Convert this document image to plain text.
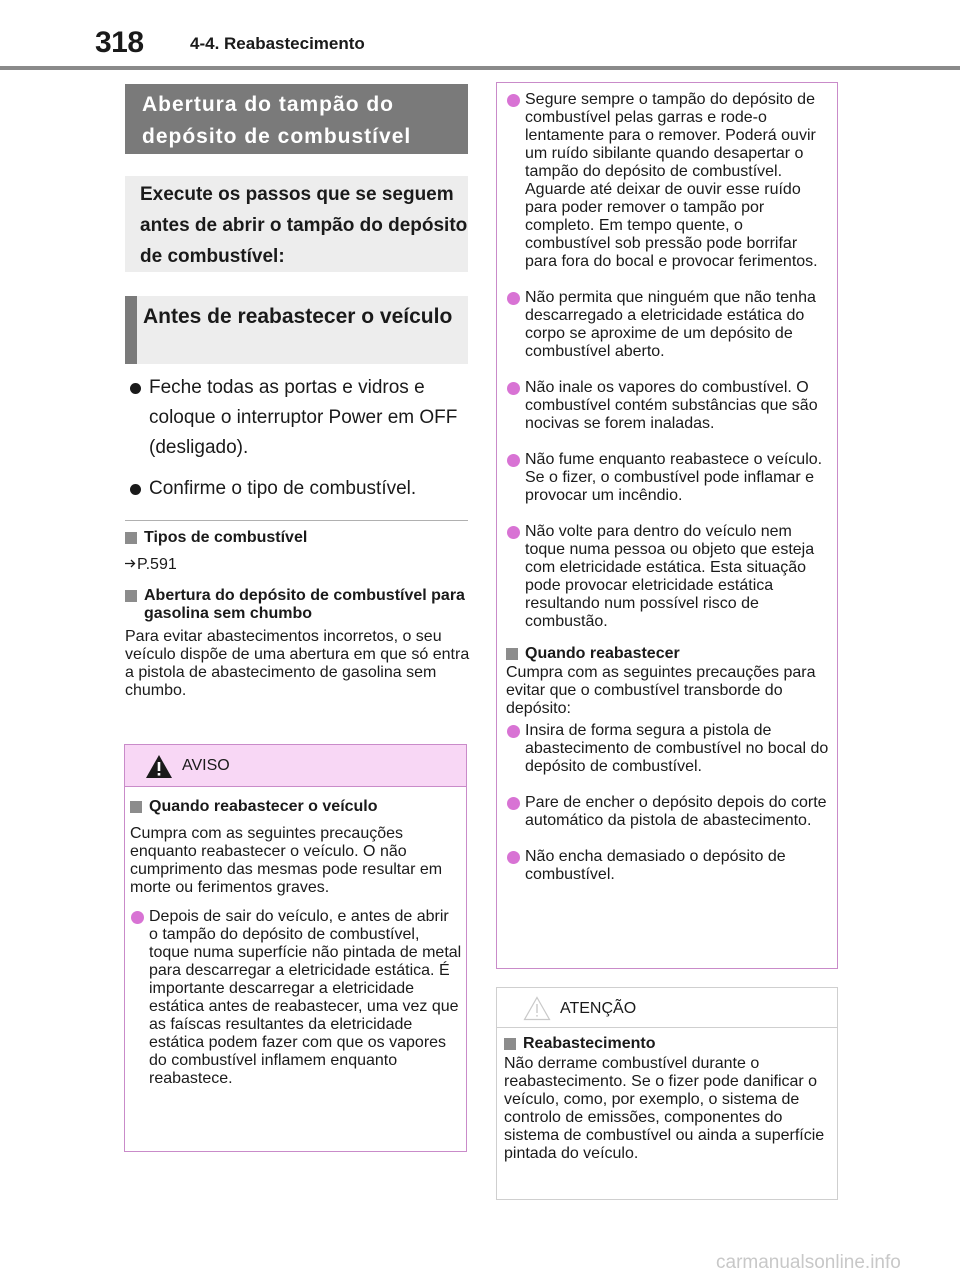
318	4-4. Reabastecimento
Abertura do tampão do depósito de combustível
Execute os passos que se seguem antes de abrir o tampão do depósito de combustível:
Antes de reabastecer o veículo
Feche todas as portas e vidros e coloque o interruptor Power em OFF (desligado).
Confirme o tipo de combustível.
Tipos de combustível
P.591
Abertura do depósito de combustível para gasolina sem chumbo
Para evitar abastecimentos incorretos, o seu veículo dispõe de uma abertura em que só entra a pistola de abastecimento de gasolina sem chumbo.
AVISO
Quando reabastecer o veículo
Cumpra com as seguintes precauções enquanto reabastecer o veículo. O não cumprimento das mesmas pode resultar em morte ou ferimentos graves.
Depois de sair do veículo, e antes de abrir o tampão do depósito de combustível, toque numa superfície não pintada de metal para descarregar a eletricidade estática. É importante descarregar a eletricidade estática antes de reabastecer, uma vez que as faíscas resultantes da eletricidade estática podem fazer com que os vapores do combustível inflamem enquanto reabastece.
Segure sempre o tampão do depósito de combustível pelas garras e rode-o lentamente para o remover. Poderá ouvir um ruído sibilante quando desapertar o tampão do depósito de combustível. Aguarde até deixar de ouvir esse ruído para poder remover o tampão por completo. Em tempo quente, o combustível sob pressão pode borrifar para fora do bocal e provocar ferimentos.
Não permita que ninguém que não tenha descarregado a eletricidade estática do corpo se aproxime de um depósito de combustível aberto.
Não inale os vapores do combustível. O combustível contém substâncias que são nocivas se forem inaladas.
Não fume enquanto reabastece o veículo. Se o fizer, o combustível pode inflamar e provocar um incêndio.
Não volte para dentro do veículo nem toque numa pessoa ou objeto que esteja com eletricidade estática. Esta situação pode provocar eletricidade estática resultando num possível risco de combustão.
Quando reabastecer
Cumpra com as seguintes precauções para evitar que o combustível transborde do depósito:
Insira de forma segura a pistola de abastecimento de combustível no bocal do depósito de combustível.
Pare de encher o depósito depois do corte automático da pistola de abastecimento.
Não encha demasiado o depósito de combustível.
ATENÇÃO
Reabastecimento
Não derrame combustível durante o reabastecimento. Se o fizer pode danificar o veículo, como, por exemplo, o sistema de controlo de emissões, componentes do sistema de combustível ou ainda a superfície pintada do veículo.
carmanualsonline.info
